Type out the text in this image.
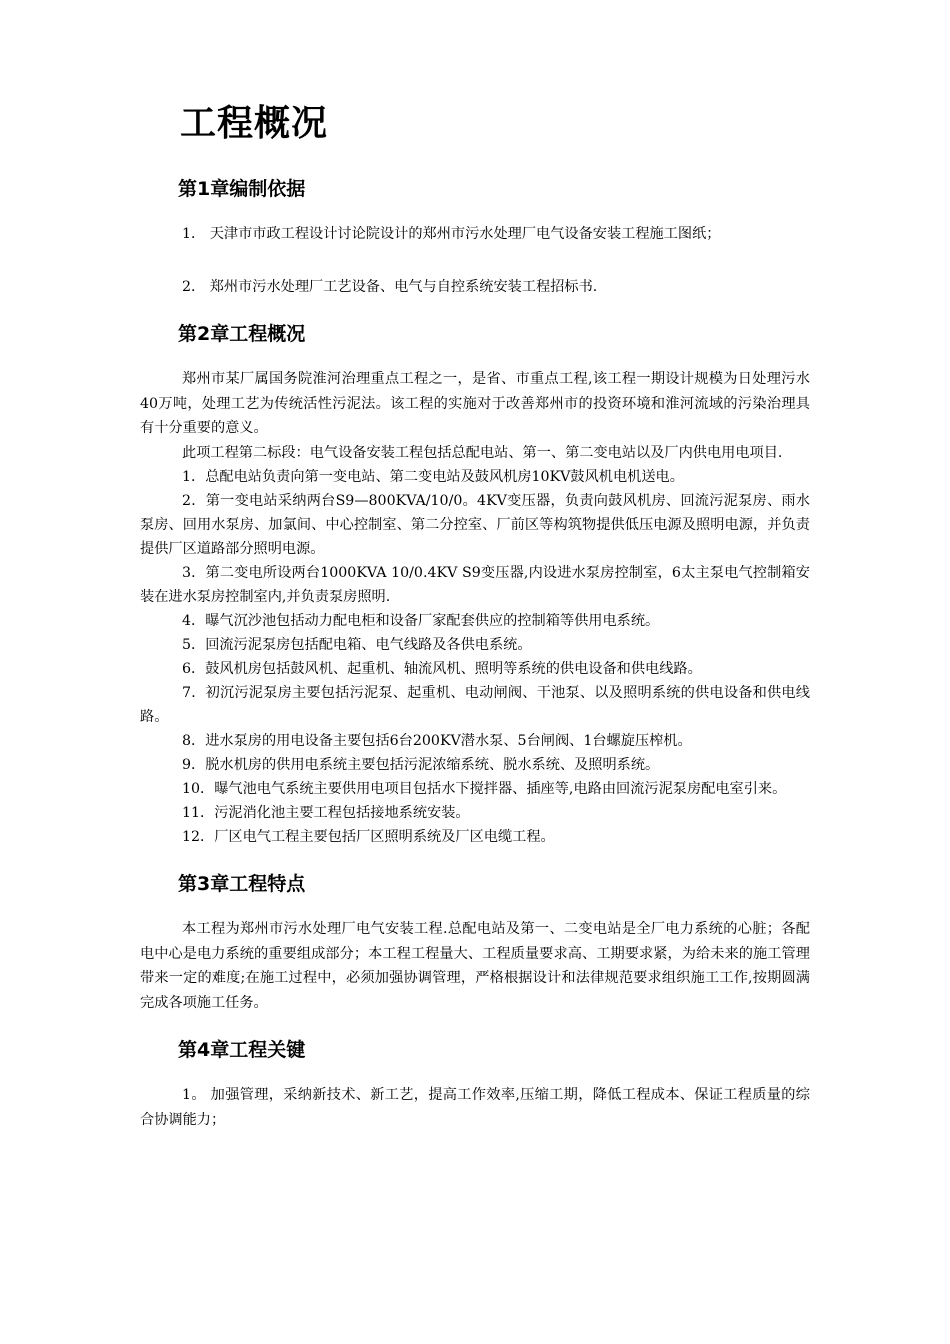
工程概况
第1章编制依据

1． 天津市市政工程设计讨论院设计的郑州市污水处理厂电气设备安装工程施工图纸；

2． 郑州市污水处理厂工艺设备、电气与自控系统安装工程招标书.

第2章工程概况

郑州市某厂属国务院淮河治理重点工程之一，是省、市重点工程,该工程一期设计规模为日处理污水40万吨，处理工艺为传统活性污泥法。该工程的实施对于改善郑州市的投资环境和淮河流域的污染治理具有十分重要的意义。

此项工程第二标段：电气设备安装工程包括总配电站、第一、第二变电站以及厂内供电用电项目.

1．总配电站负责向第一变电站、第二变电站及鼓风机房10KV鼓风机电机送电。

2．第一变电站采纳两台S9—800KVA/10/0。4KV变压器，负责向鼓风机房、回流污泥泵房、雨水泵房、回用水泵房、加氯间、中心控制室、第二分控室、厂前区等构筑物提供低压电源及照明电源，并负责提供厂区道路部分照明电源。

3．第二变电所设两台1000KVA 10/0.4KV S9变压器,内设进水泵房控制室，6太主泵电气控制箱安装在进水泵房控制室内,并负责泵房照明.

4．曝气沉沙池包括动力配电柜和设备厂家配套供应的控制箱等供用电系统。

5．回流污泥泵房包括配电箱、电气线路及各供电系统。

6．鼓风机房包括鼓风机、起重机、轴流风机、照明等系统的供电设备和供电线路。

7．初沉污泥泵房主要包括污泥泵、起重机、电动闸阀、干池泵、以及照明系统的供电设备和供电线路。

8．进水泵房的用电设备主要包括6台200KV潜水泵、5台闸阀、1台螺旋压榨机。

9．脱水机房的供用电系统主要包括污泥浓缩系统、脱水系统、及照明系统。

10．曝气池电气系统主要供用电项目包括水下搅拌器、插座等,电路由回流污泥泵房配电室引来。

11．污泥消化池主要工程包括接地系统安装。

12．厂区电气工程主要包括厂区照明系统及厂区电缆工程。

第3章工程特点

本工程为郑州市污水处理厂电气安装工程.总配电站及第一、二变电站是全厂电力系统的心脏；各配电中心是电力系统的重要组成部分；本工程工程量大、工程质量要求高、工期要求紧，为给未来的施工管理带来一定的难度;在施工过程中，必须加强协调管理，严格根据设计和法律规范要求组织施工工作,按期圆满完成各项施工任务。

第4章工程关键

1。 加强管理，采纳新技术、新工艺，提高工作效率,压缩工期，降低工程成本、保证工程质量的综合协调能力；
